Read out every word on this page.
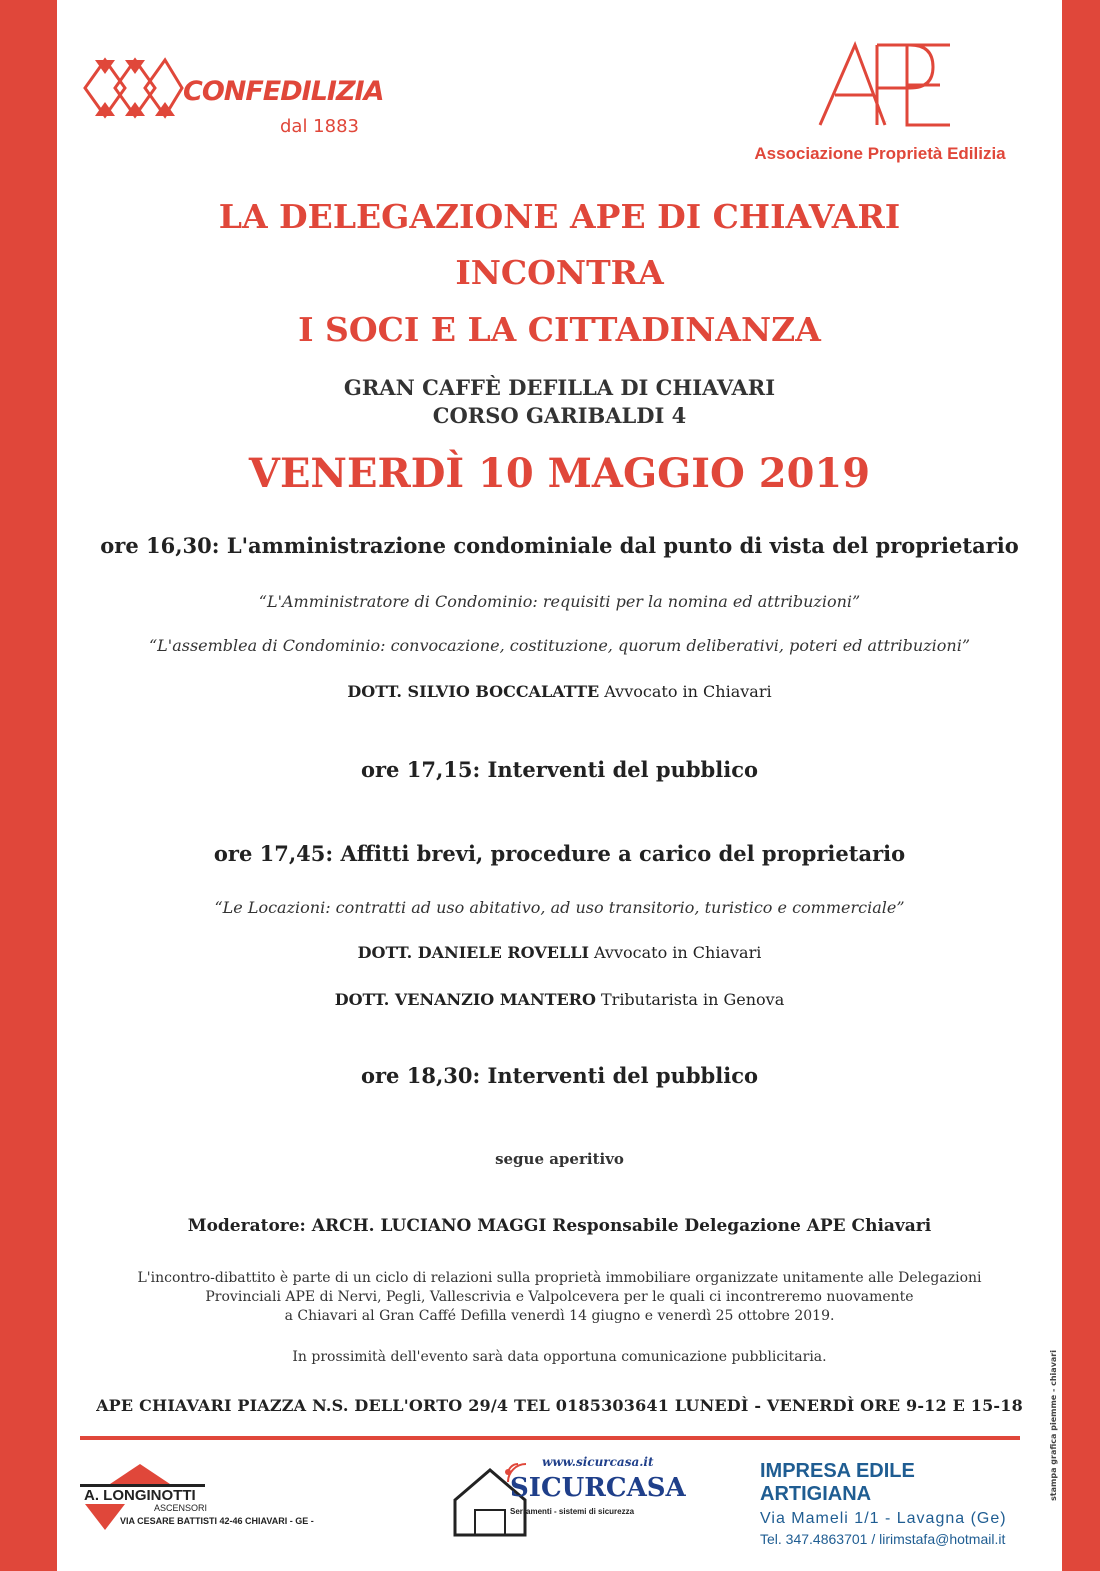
stampa grafica piemme - chiavari
CONFEDILIZIA
dal 1883	APE
Associazione Proprietà Edilizia
LA DELEGAZIONE APE DI CHIAVARI
INCONTRA
I SOCI E LA CITTADINANZA
GRAN CAFFÈ DEFILLA DI CHIAVARI
CORSO GARIBALDI 4
VENERDÌ 10 MAGGIO 2019
ore 16,30: L'amministrazione condominiale dal punto di vista del proprietario
“L'Amministratore di Condominio: requisiti per la nomina ed attribuzioni”
“L'assemblea di Condominio: convocazione, costituzione, quorum deliberativi, poteri ed attribuzioni”
DOTT. SILVIO BOCCALATTE Avvocato in Chiavari
ore 17,15: Interventi del pubblico
ore 17,45: Affitti brevi, procedure a carico del proprietario
“Le Locazioni: contratti ad uso abitativo, ad uso transitorio, turistico e commerciale”
DOTT. DANIELE ROVELLI Avvocato in Chiavari
DOTT. VENANZIO MANTERO Tributarista in Genova
ore 18,30: Interventi del pubblico
segue aperitivo
Moderatore: ARCH. LUCIANO MAGGI Responsabile Delegazione APE Chiavari
L'incontro-dibattito è parte di un ciclo di relazioni sulla proprietà immobiliare organizzate unitamente alle Delegazioni
Provinciali APE di Nervi, Pegli, Vallescrivia e Valpolcevera per le quali ci incontreremo nuovamente
a Chiavari al Gran Caffé Defilla venerdì 14 giugno e venerdì 25 ottobre 2019.
In prossimità dell'evento sarà data opportuna comunicazione pubblicitaria.
APE CHIAVARI PIAZZA N.S. DELL'ORTO 29/4 TEL 0185303641 LUNEDÌ - VENERDÌ ORE 9-12 E 15-18
A. LONGINOTTI
ASCENSORI
VIA CESARE BATTISTI 42-46 CHIAVARI - GE -
www.sicurcasa.it
SICURCASA
Serramenti - sistemi di sicurezza
IMPRESA EDILE ARTIGIANA
Via Mameli 1/1 - Lavagna (Ge)
Tel. 347.4863701 / lirimstafa@hotmail.it
